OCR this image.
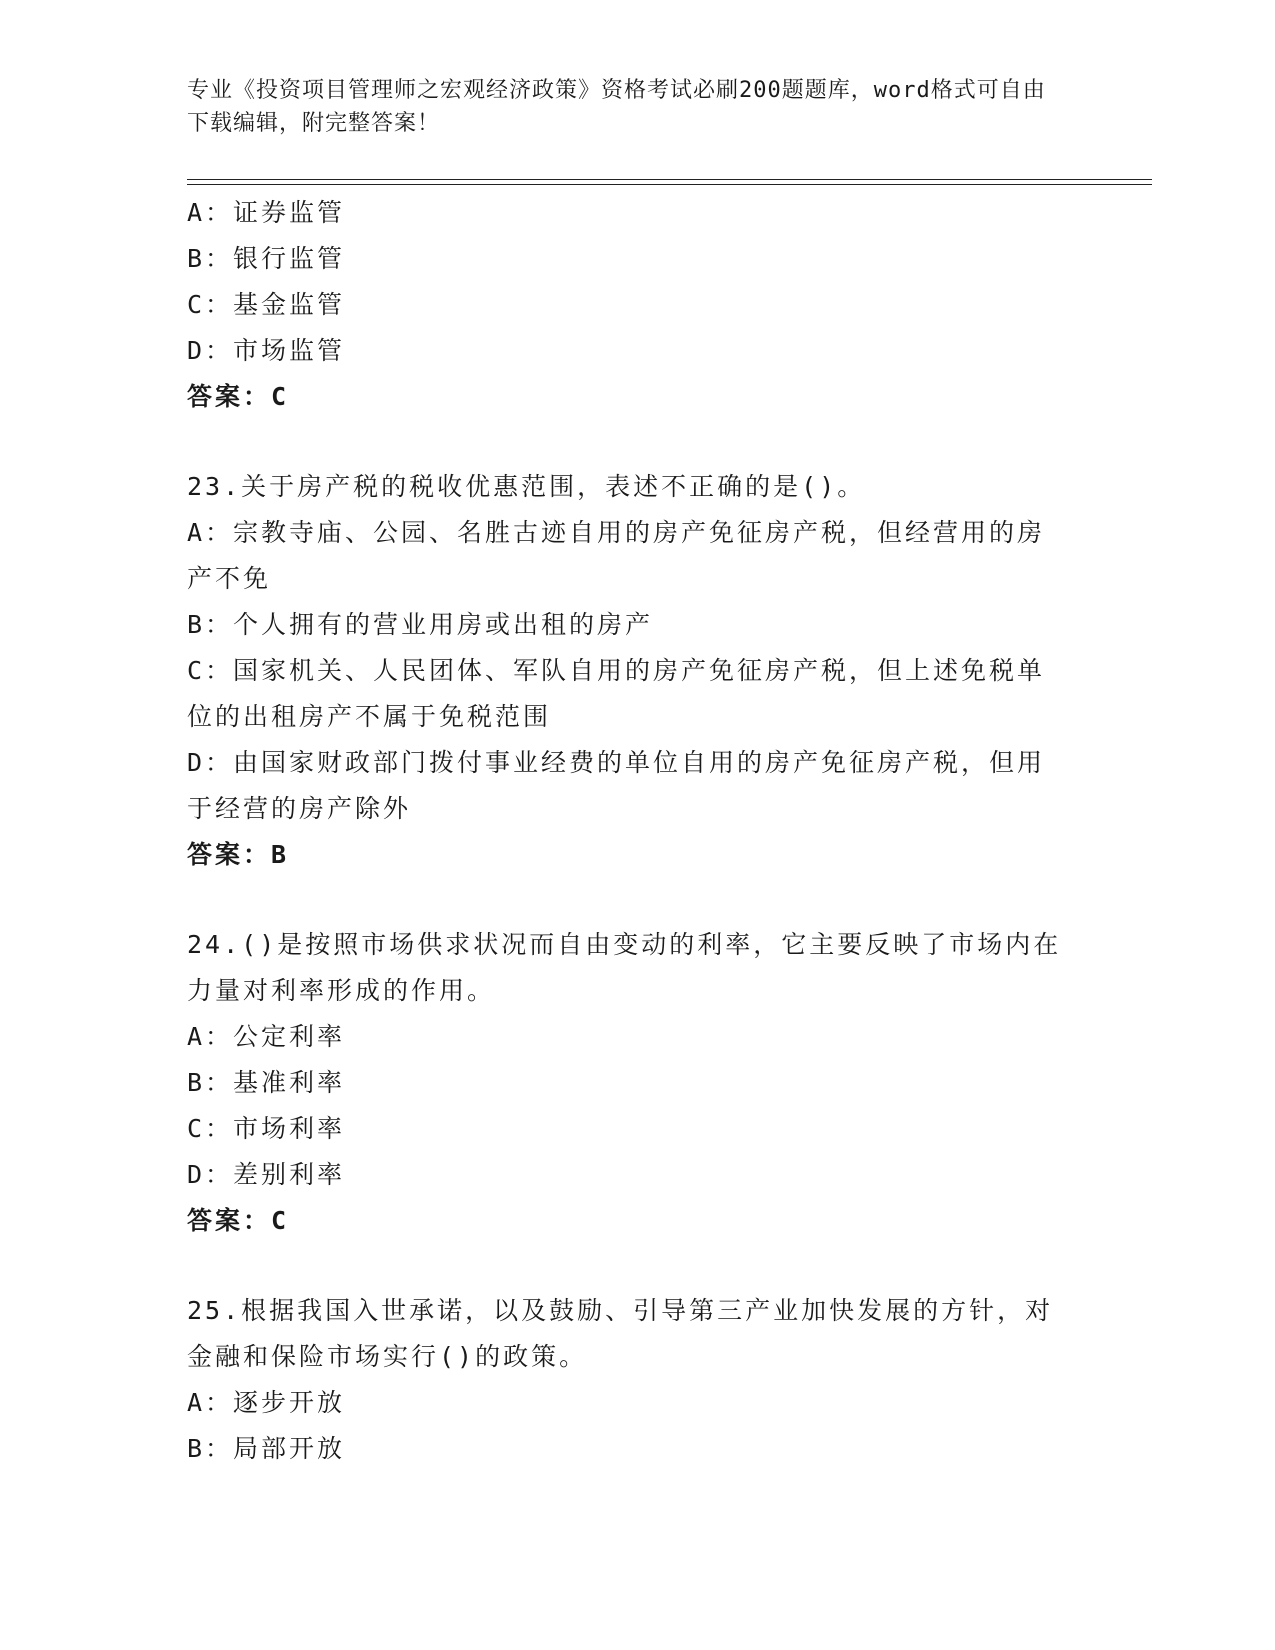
专业《投资项目管理师之宏观经济政策》资格考试必刷200题题库，word格式可自由下载编辑，附完整答案！
A：证券监管
B：银行监管
C：基金监管
D：市场监管
答案：C
23.关于房产税的税收优惠范围，表述不正确的是()。
A：宗教寺庙、公园、名胜古迹自用的房产免征房产税，但经营用的房产不免
B：个人拥有的营业用房或出租的房产
C：国家机关、人民团体、军队自用的房产免征房产税，但上述免税单位的出租房产不属于免税范围
D：由国家财政部门拨付事业经费的单位自用的房产免征房产税，但用于经营的房产除外
答案：B
24.()是按照市场供求状况而自由变动的利率，它主要反映了市场内在力量对利率形成的作用。
A：公定利率
B：基准利率
C：市场利率
D：差别利率
答案：C
25.根据我国入世承诺，以及鼓励、引导第三产业加快发展的方针，对金融和保险市场实行()的政策。
A：逐步开放
B：局部开放
